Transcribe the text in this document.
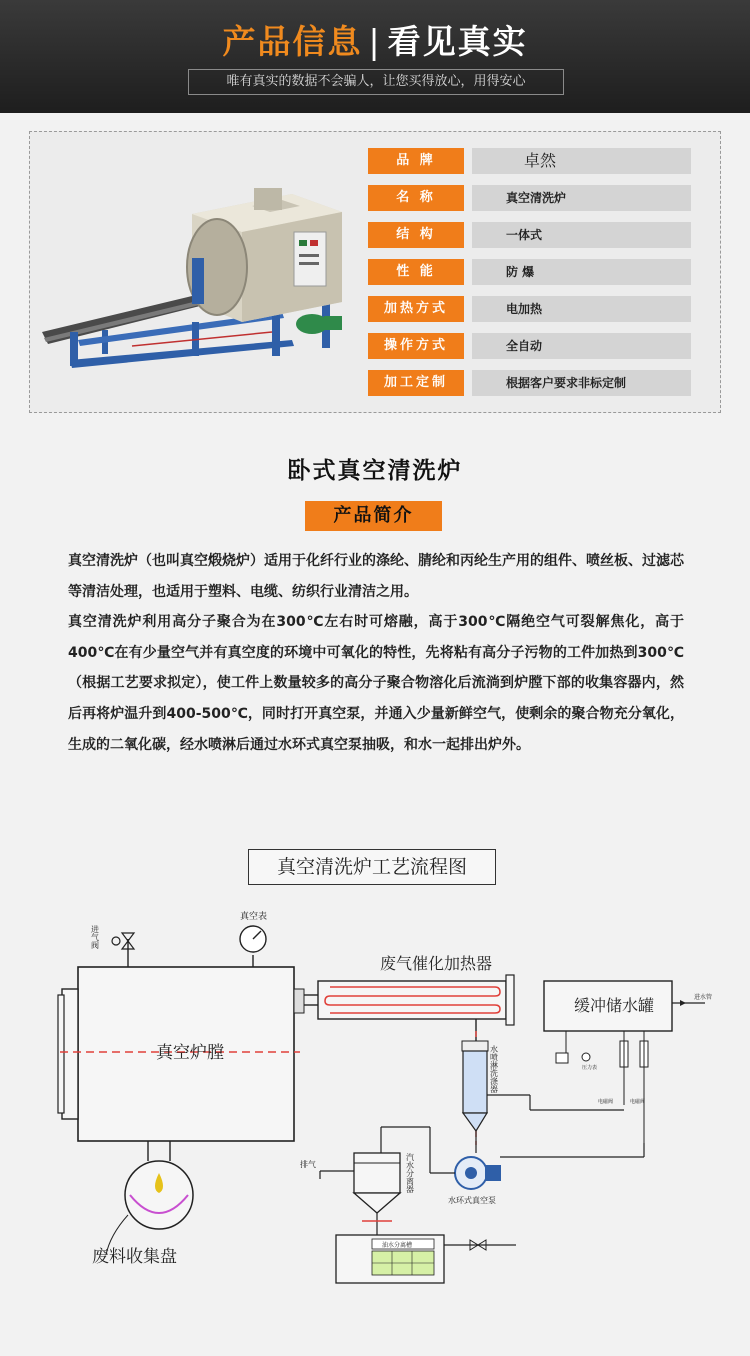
产品信息 | 看见真实
唯有真实的数据不会骗人，让您买得放心，用得安心
品 牌	卓然
名 称	真空清洗炉
结 构	一体式
性 能	防 爆
加热方式	电加热
操作方式	全自动
加工定制	根据客户要求非标定制
卧式真空清洗炉
产品简介

真空清洗炉（也叫真空煅烧炉）适用于化纤行业的涤纶、腈纶和丙纶生产用的组件、喷丝板、过滤芯等清洁处理，也适用于塑料、电缆、纺织行业清洁之用。

真空清洗炉利用高分子聚合为在300℃左右时可熔融，高于300℃隔绝空气可裂解焦化，高于400℃在有少量空气并有真空度的环境中可氧化的特性，先将粘有高分子污物的工件加热到300℃（根据工艺要求拟定），使工件上数量较多的高分子聚合物溶化后流淌到炉膛下部的收集容器内，然后再将炉温升到400-500℃，同时打开真空泵，并通入少量新鲜空气，使剩余的聚合物充分氧化，生成的二氧化碳，经水喷淋后通过水环式真空泵抽吸，和水一起排出炉外。

真空清洗炉工艺流程图
真空炉膛
进气阀
真空表
废气催化加热器
水喷淋洗涤器
缓冲储水罐	进水管
压力表
电磁阀	电磁阀
水环式真空泵
汽水分离器
排气
油水分离槽
废料收集盘
